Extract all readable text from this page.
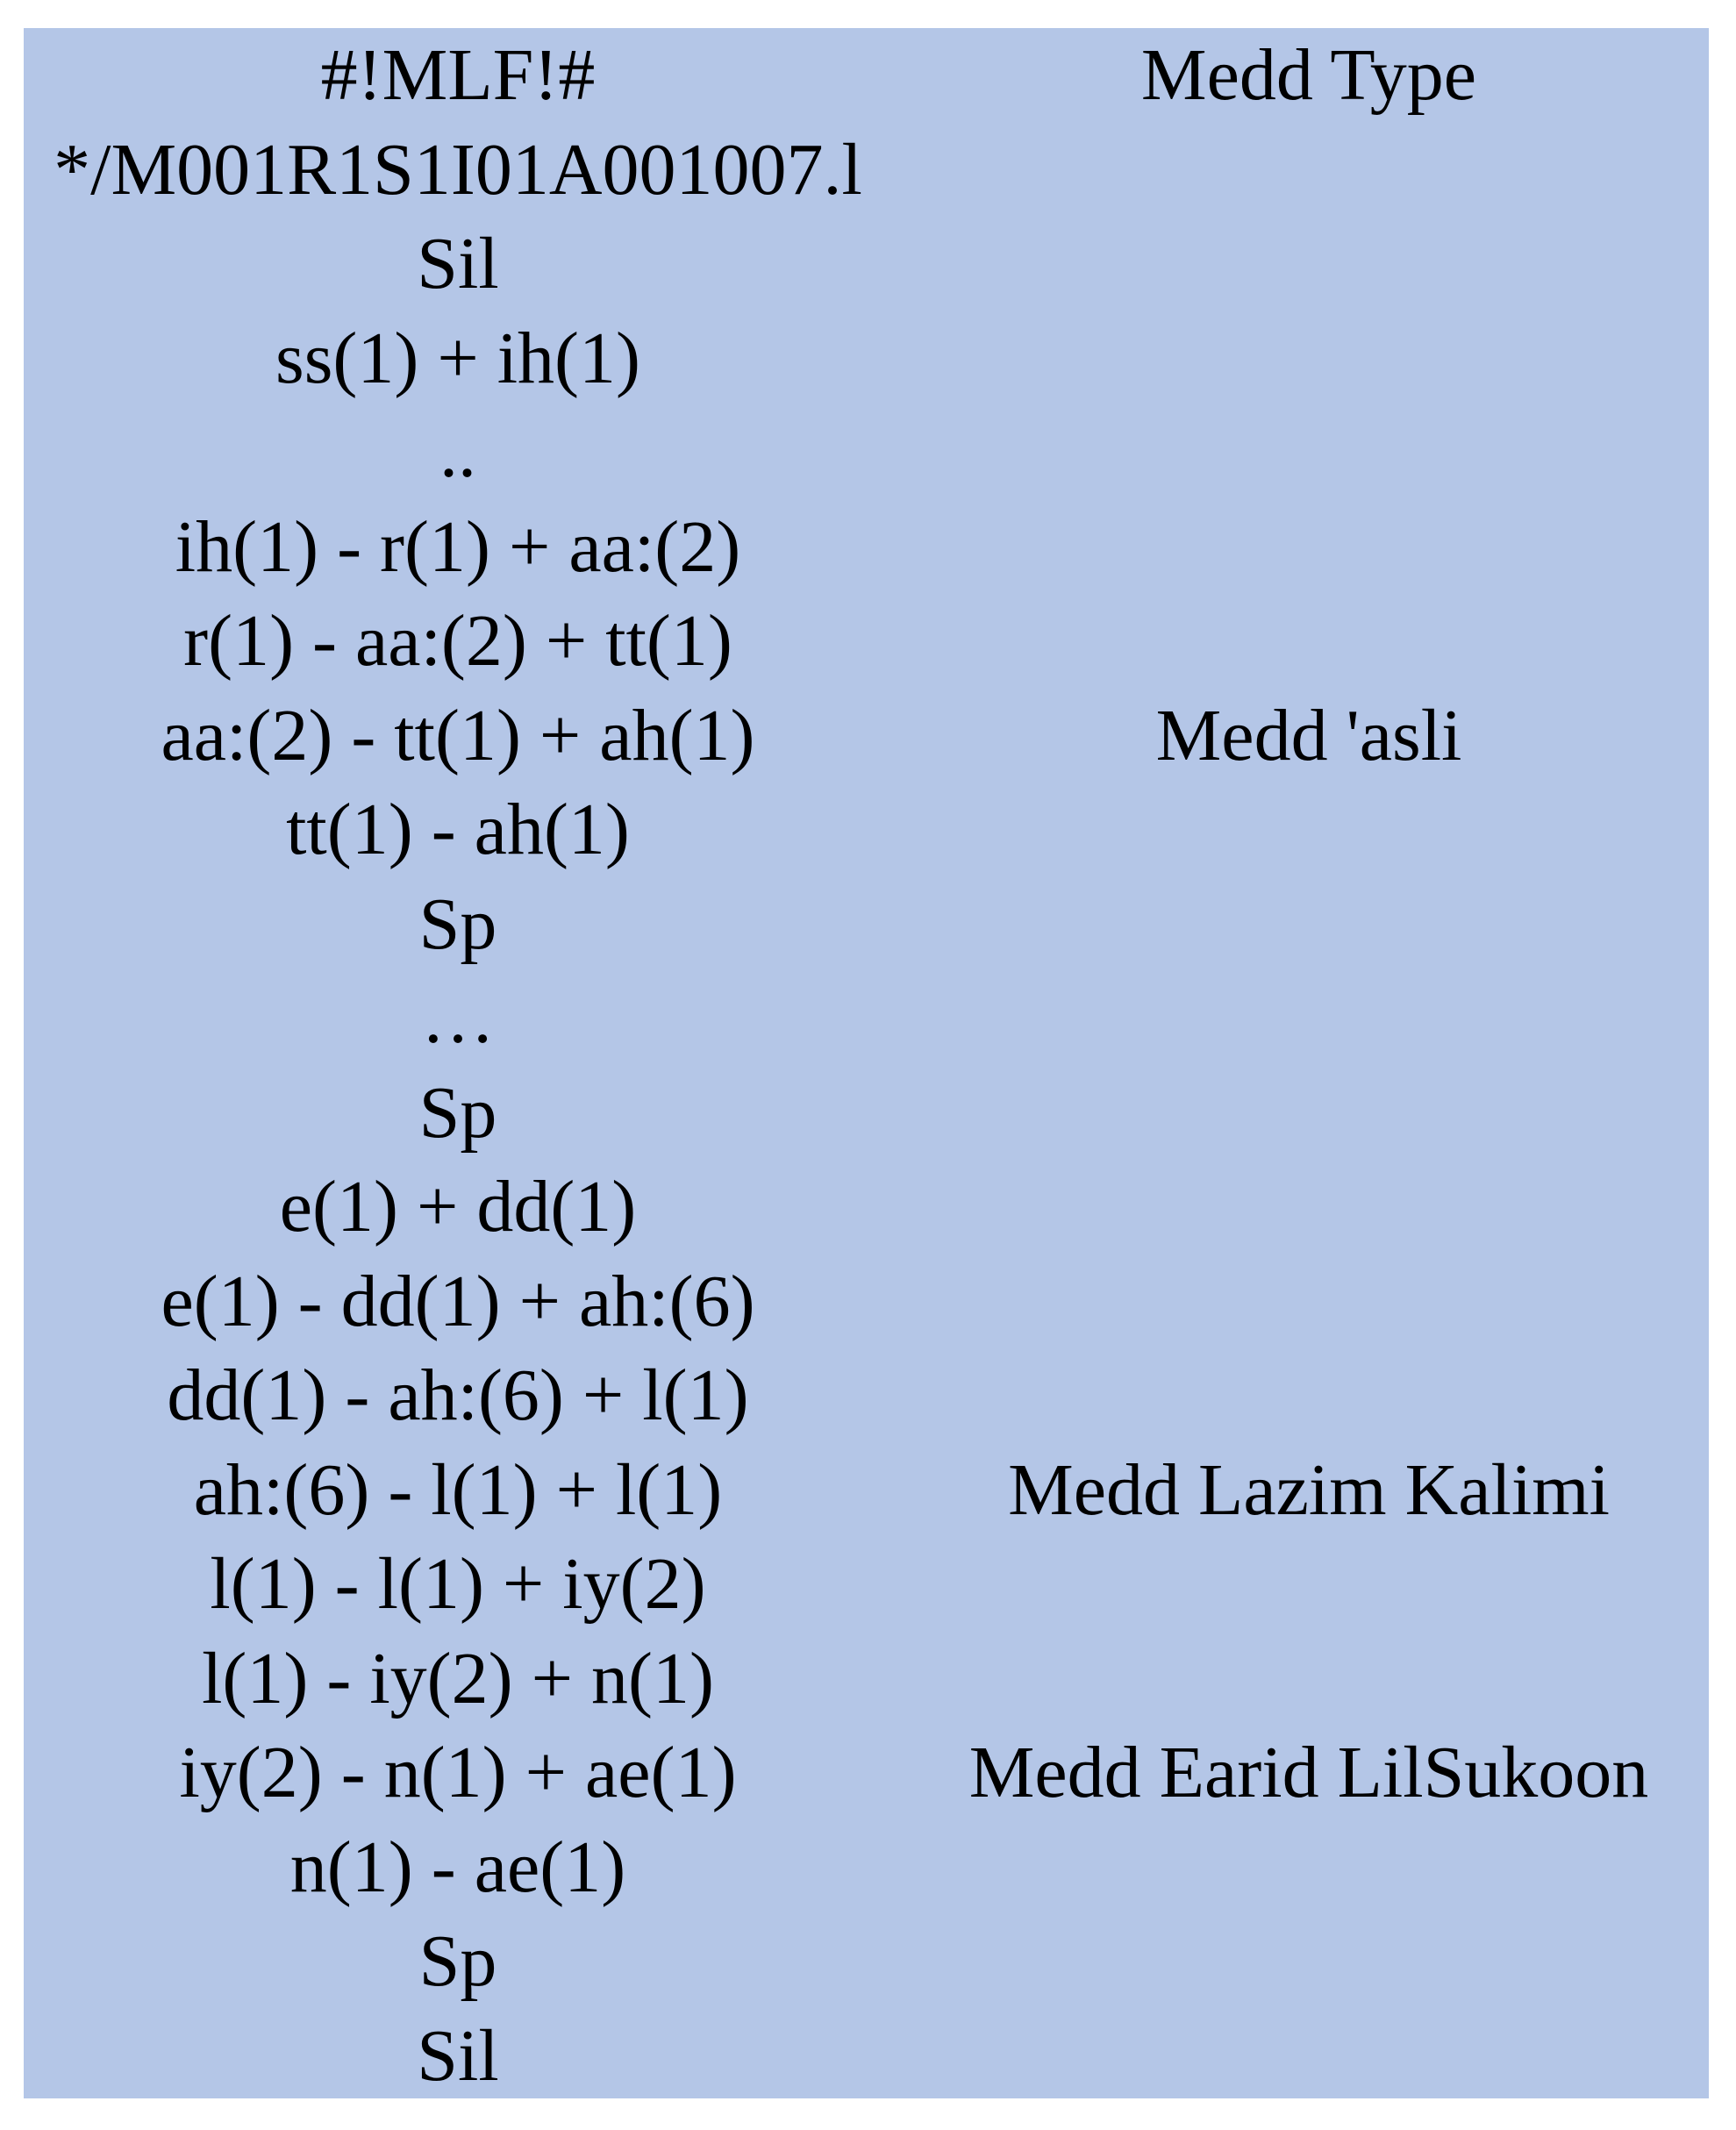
#!MLF!#	Medd Type
*/M001R1S1I01A001007.l
Sil
ss(1) + ih(1)
..
ih(1) - r(1) + aa:(2)
r(1) - aa:(2) + tt(1)
aa:(2) - tt(1) + ah(1)	Medd 'asli
tt(1) - ah(1)
Sp
…
Sp
e(1) + dd(1)
e(1) - dd(1) + ah:(6)
dd(1) - ah:(6) + l(1)
ah:(6) - l(1) + l(1)	Medd Lazim Kalimi
l(1) - l(1) + iy(2)
l(1) - iy(2) + n(1)
iy(2) - n(1) + ae(1)	Medd Earid LilSukoon
n(1) - ae(1)
Sp
Sil
